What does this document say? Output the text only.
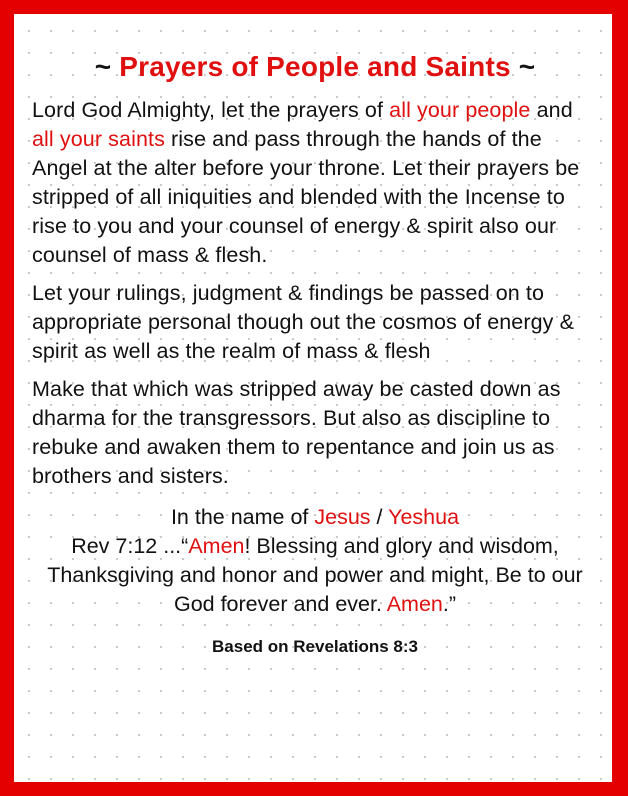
~ Prayers of People and Saints ~

Lord God Almighty, let the prayers of all your people and all your saints rise and pass through the hands of the Angel at the alter before your throne. Let their prayers be stripped of all iniquities and blended with the Incense to rise to you and your counsel of energy & spirit also our counsel of mass & flesh.

Let your rulings, judgment & findings be passed on to appropriate personal though out the cosmos of energy & spirit as well as the realm of mass & flesh

Make that which was stripped away be casted down as dharma for the transgressors. But also as discipline to rebuke and awaken them to repentance and join us as brothers and sisters.

In the name of Jesus / Yeshua

Rev 7:12 ...“Amen! Blessing and glory and wisdom, Thanksgiving and honor and power and might, Be to our God forever and ever. Amen.”

Based on Revelations 8:3
